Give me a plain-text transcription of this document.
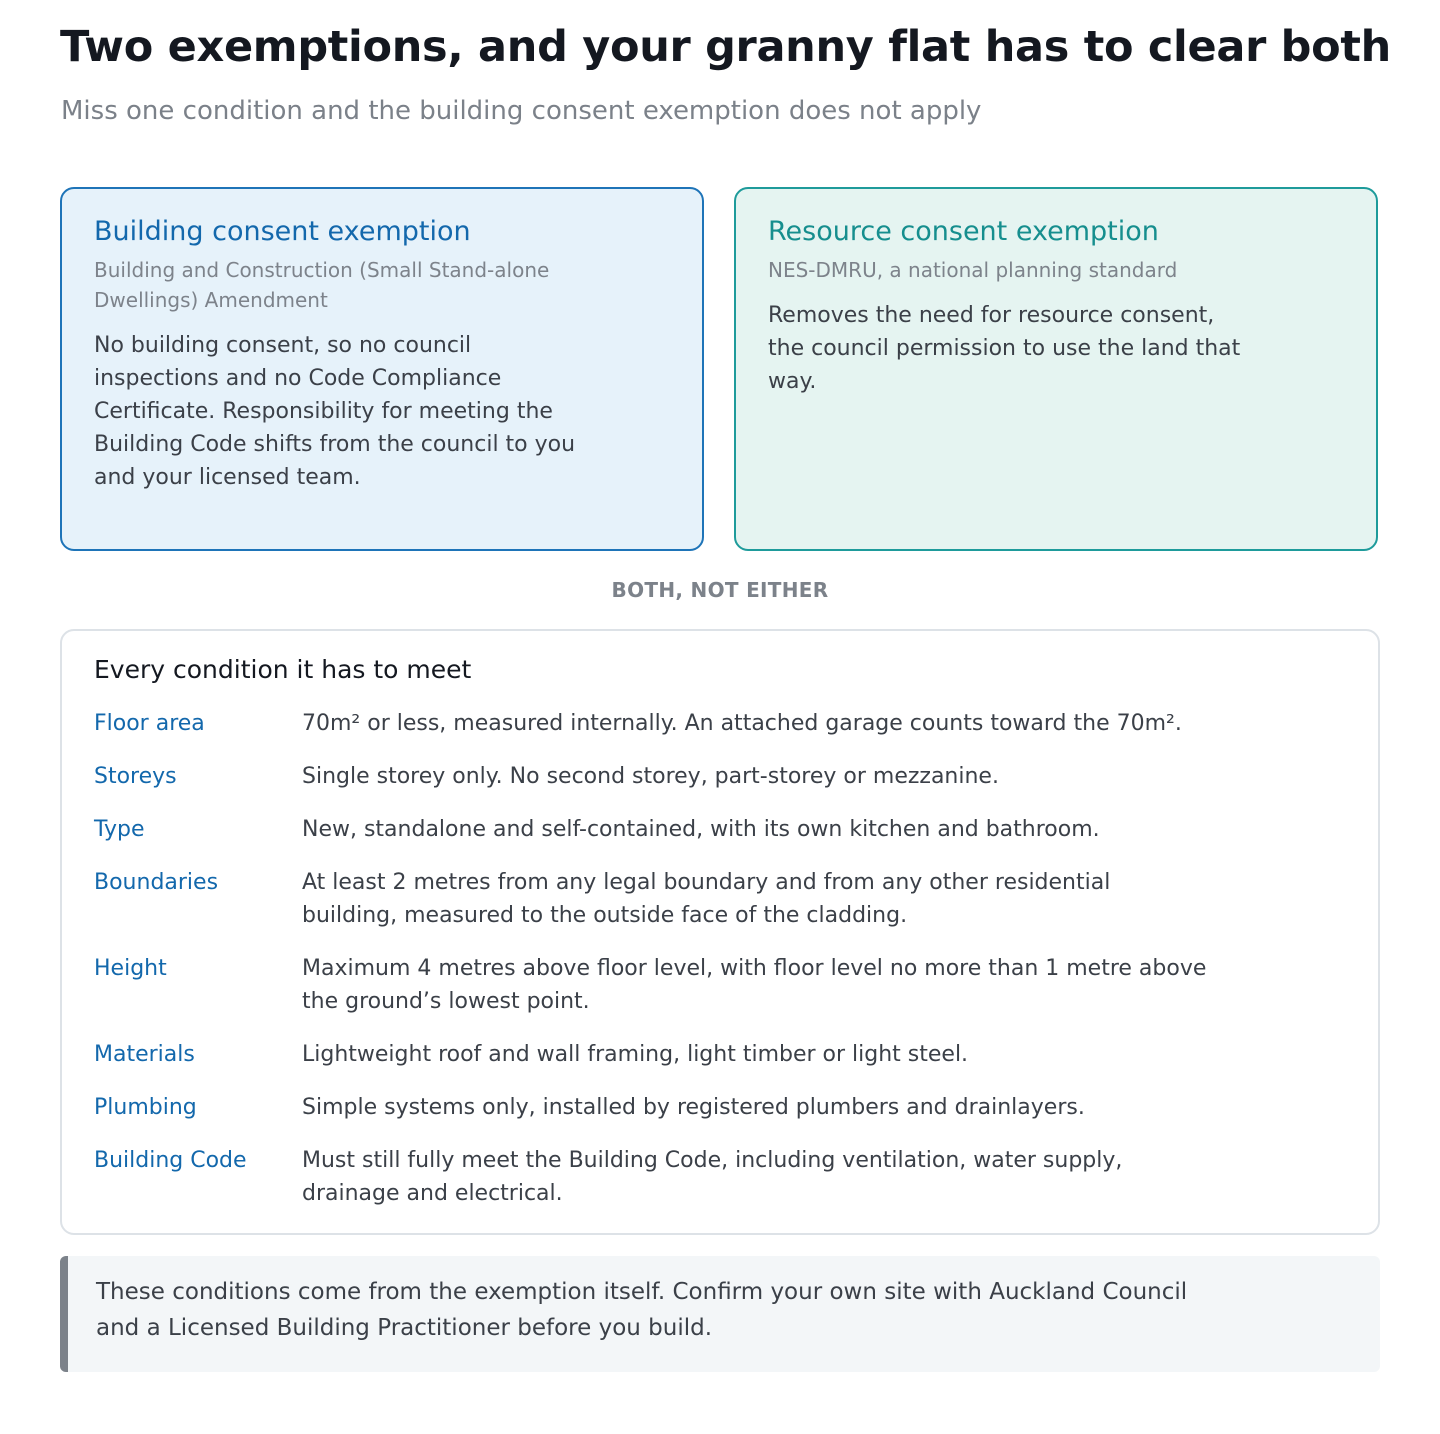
Two exemptions, and your granny flat has to clear both

Miss one condition and the building consent exemption does not apply

Building consent exemption

Building and Construction (Small Stand-alone Dwellings) Amendment

No building consent, so no council inspections and no Code Compliance Certificate. Responsibility for meeting the Building Code shifts from the council to you and your licensed team.

Resource consent exemption

NES-DMRU, a national planning standard

Removes the need for resource consent, the council permission to use the land that way.

BOTH, NOT EITHER
Every condition it has to meet
Floor area	70m² or less, measured internally. An attached garage counts toward the 70m².
Storeys	Single storey only. No second storey, part-storey or mezzanine.
Type	New, standalone and self-contained, with its own kitchen and bathroom.
Boundaries	At least 2 metres from any legal boundary and from any other residential building, measured to the outside face of the cladding.
Height	Maximum 4 metres above floor level, with floor level no more than 1 metre above the ground’s lowest point.
Materials	Lightweight roof and wall framing, light timber or light steel.
Plumbing	Simple systems only, installed by registered plumbers and drainlayers.
Building Code	Must still fully meet the Building Code, including ventilation, water supply, drainage and electrical.

These conditions come from the exemption itself. Confirm your own site with Auckland Council and a Licensed Building Practitioner before you build.
